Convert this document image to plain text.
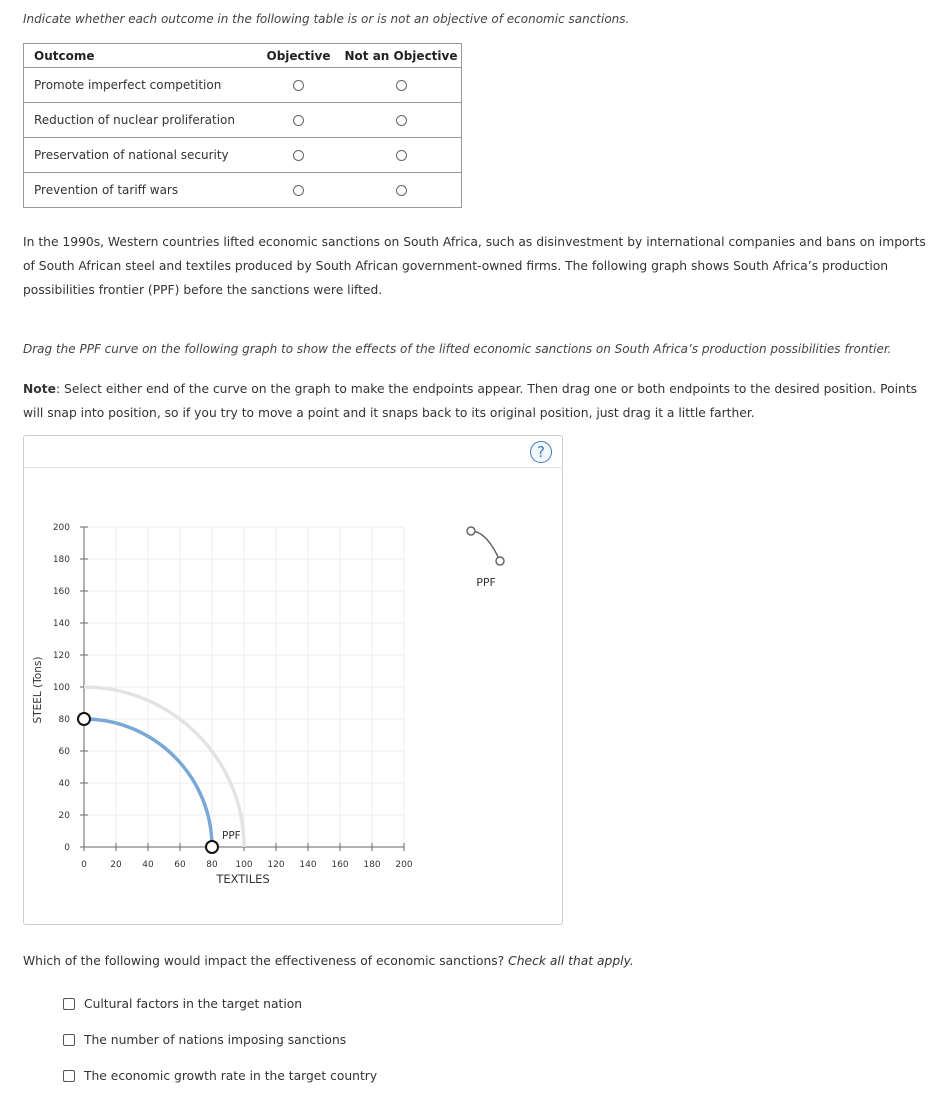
Indicate whether each outcome in the following table is or is not an objective of economic sanctions.
Outcome	Objective	Not an Objective
Promote imperfect competition		
Reduction of nuclear proliferation		
Preservation of national security		
Prevention of tariff wars		
In the 1990s, Western countries lifted economic sanctions on South Africa, such as disinvestment by international companies and bans on imports of South African steel and textiles produced by South African government-owned firms. The following graph shows South Africa’s production possibilities frontier (PPF) before the sanctions were lifted.
Drag the PPF curve on the following graph to show the effects of the lifted economic sanctions on South Africa’s production possibilities frontier.
Note: Select either end of the curve on the graph to make the endpoints appear. Then drag one or both endpoints to the desired position. Points will snap into position, so if you try to move a point and it snaps back to its original position, just drag it a little farther.
?
0	20 40 60 80 100 120 140 160 180 200
200
180
160
140
120
100
80
60
40
20
0
STEEL (Tons)
TEXTILES
PPF
PPF
Which of the following would impact the effectiveness of economic sanctions? Check all that apply.
Cultural factors in the target nation
The number of nations imposing sanctions
The economic growth rate in the target country
